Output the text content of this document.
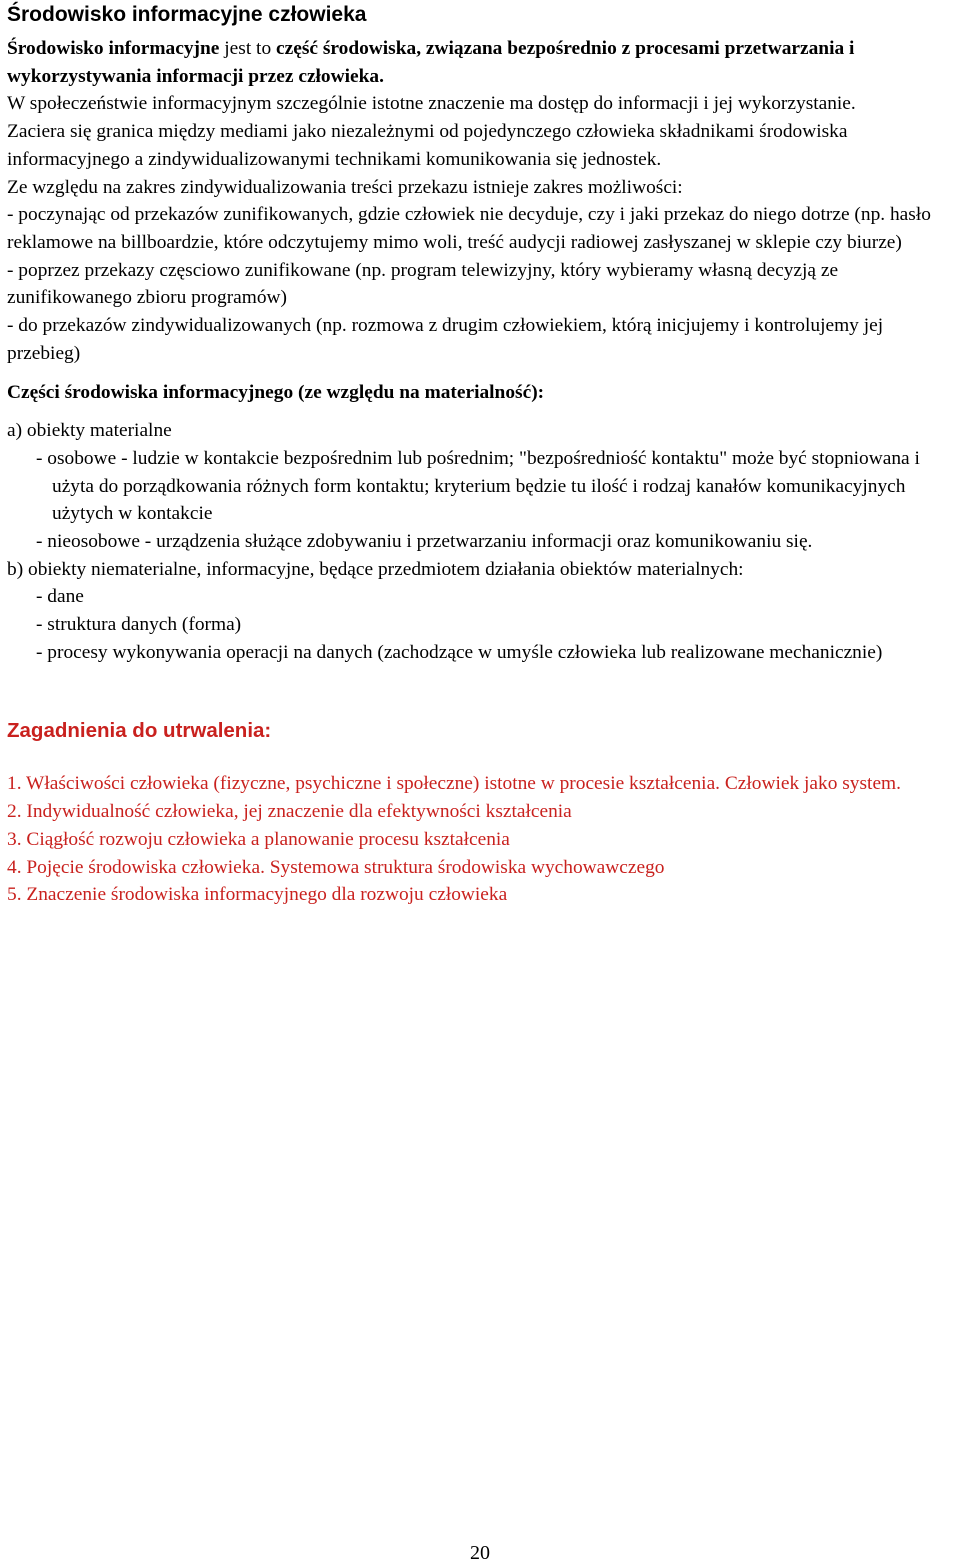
Środowisko informacyjne człowieka

Środowisko informacyjne jest to część środowiska, związana bezpośrednio z procesami przetwarzania i wykorzystywania informacji przez człowieka.

W społeczeństwie informacyjnym szczególnie istotne znaczenie ma dostęp do informacji i jej wykorzystanie.

Zaciera się granica między mediami jako niezależnymi od pojedynczego człowieka składnikami środowiska informacyjnego a zindywidualizowanymi technikami komunikowania się jednostek.

Ze względu na zakres zindywidualizowania treści przekazu istnieje zakres możliwości:

- poczynając od przekazów zunifikowanych, gdzie człowiek nie decyduje, czy i jaki przekaz do niego dotrze (np. hasło reklamowe na billboardzie, które odczytujemy mimo woli, treść audycji radiowej zasłyszanej w sklepie czy biurze)

- poprzez przekazy częsciowo zunifikowane (np. program telewizyjny, który wybieramy własną decyzją ze zunifikowanego zbioru programów)

- do przekazów zindywidualizowanych (np. rozmowa z drugim człowiekiem, którą inicjujemy i kontrolujemy jej przebieg)

Części środowiska informacyjnego (ze względu na materialność):

a) obiekty materialne

- osobowe - ludzie w kontakcie bezpośrednim lub pośrednim; "bezpośredniość kontaktu" może być stopniowana i użyta do porządkowania różnych form kontaktu; kryterium będzie tu ilość i rodzaj kanałów komunikacyjnych użytych w kontakcie

- nieosobowe - urządzenia służące zdobywaniu i przetwarzaniu informacji oraz komunikowaniu się.

b) obiekty niematerialne, informacyjne, będące przedmiotem działania obiektów materialnych:

- dane

- struktura danych (forma)

- procesy wykonywania operacji na danych (zachodzące w umyśle człowieka lub realizowane mechanicznie)

Zagadnienia do utrwalenia:

1. Właściwości człowieka (fizyczne, psychiczne i społeczne) istotne w procesie kształcenia. Człowiek jako system.

2. Indywidualność człowieka, jej znaczenie dla efektywności kształcenia

3. Ciągłość rozwoju człowieka a planowanie procesu kształcenia

4. Pojęcie środowiska człowieka. Systemowa struktura środowiska wychowawczego

5. Znaczenie środowiska informacyjnego dla rozwoju człowieka

20
